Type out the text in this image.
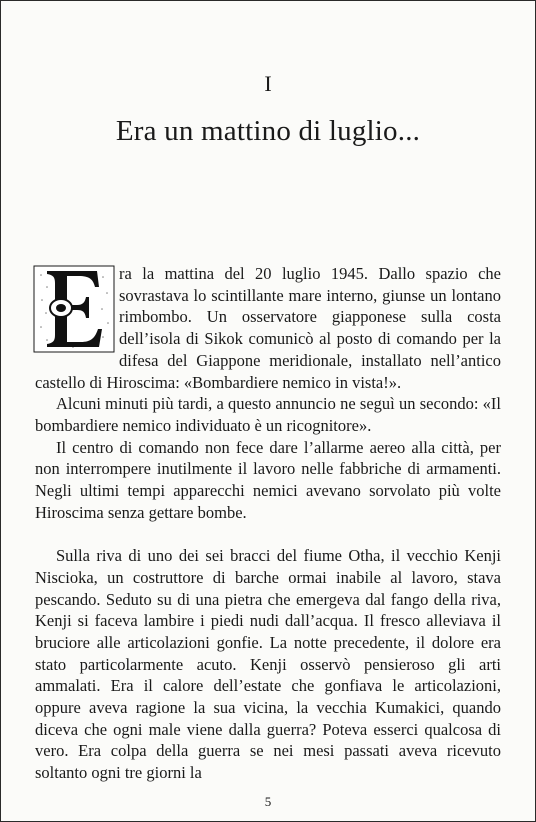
I
Era un mattino di luglio...

ra la mattina del 20 luglio 1945. Dallo spazio che sovrastava lo scintillante mare interno, giunse un lontano rimbombo. Un osservatore giapponese sulla costa dell’isola di Sikok comunicò al posto di comando per la difesa del Giappone meridionale, installato nell’antico castello di Hiroscima: «Bombardiere nemico in vista!».

Alcuni minuti più tardi, a questo annuncio ne seguì un secondo: «Il bombardiere nemico individuato è un ricognitore».

Il centro di comando non fece dare l’allarme aereo alla città, per non interrompere inutilmente il lavoro nelle fabbriche di armamenti. Negli ultimi tempi apparecchi nemici avevano sorvolato più volte Hiroscima senza gettare bombe.

Sulla riva di uno dei sei bracci del fiume Otha, il vecchio Kenji Niscioka, un costruttore di barche ormai inabile al lavoro, stava pescando. Seduto su di una pietra che emergeva dal fango della riva, Kenji si faceva lambire i piedi nudi dall’acqua. Il fresco alleviava il bruciore alle articolazioni gonfie. La notte precedente, il dolore era stato particolarmente acuto. Kenji osservò pensieroso gli arti ammalati. Era il calore dell’estate che gonfiava le articolazioni, oppure aveva ragione la sua vicina, la vecchia Kumakici, quando diceva che ogni male viene dalla guerra? Poteva esserci qualcosa di vero. Era colpa della guerra se nei mesi passati aveva ricevuto soltanto ogni tre giorni la

5
